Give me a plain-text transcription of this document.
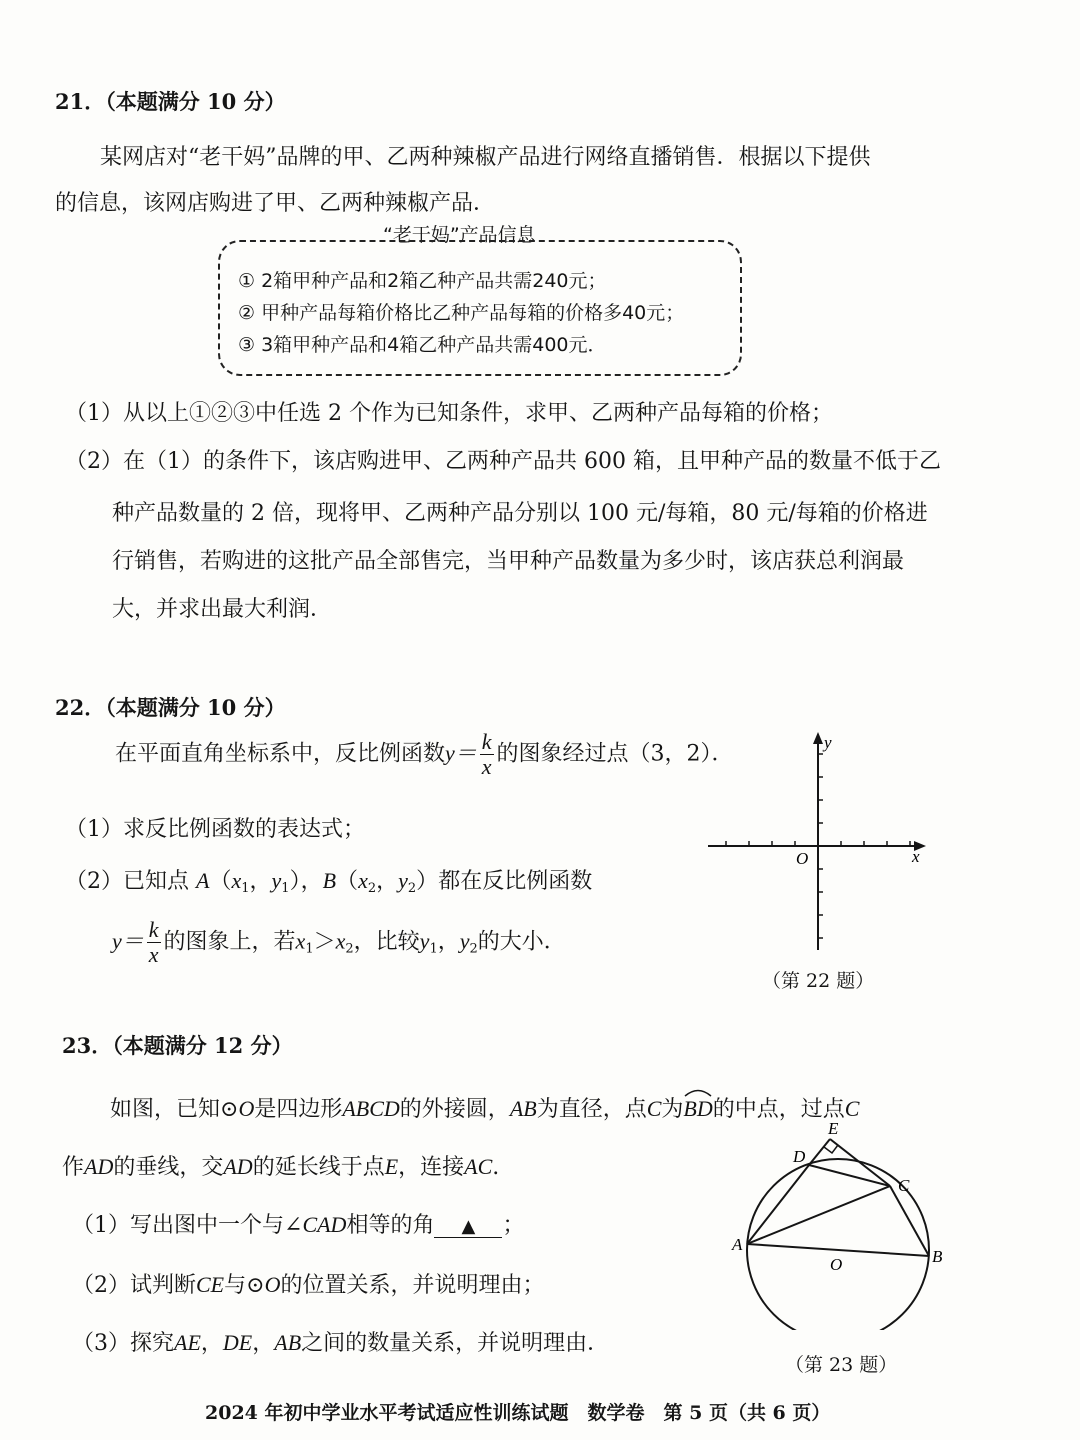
21．（本题满分 10 分）
某网店对“老干妈”品牌的甲、乙两种辣椒产品进行网络直播销售．根据以下提供
的信息，该网店购进了甲、乙两种辣椒产品．
“老干妈”产品信息
① 2箱甲种产品和2箱乙种产品共需240元；
② 甲种产品每箱价格比乙种产品每箱的价格多40元；
③ 3箱甲种产品和4箱乙种产品共需400元．
（1）从以上①②③中任选 2 个作为已知条件，求甲、乙两种产品每箱的价格；
（2）在（1）的条件下，该店购进甲、乙两种产品共 600 箱，且甲种产品的数量不低于乙
种产品数量的 2 倍，现将甲、乙两种产品分别以 100 元/每箱，80 元/每箱的价格进
行销售，若购进的这批产品全部售完，当甲种产品数量为多少时，该店获总利润最
大，并求出最大利润．
22．（本题满分 10 分）
在平面直角坐标系中，反比例函数$y= \frac{k}{x}$ 的图象经过点（3，2）．
（1）求反比例函数的表达式；
（2）已知点 $A(x_1$，$y_1$），$B(x_2$，$y_2$）都在反比例函数
$y= \frac{k}{x}$ 的图象上，若$x_1>x_2$，比较$y_1$，$y_2$的大小．
y
x
O
（第 22 题）
23．（本题满分 12 分）
如图，已知⊙O是四边形ABCD的外接圆，AB为直径，点C为
BD的中点，过点C
作AD的垂线，交AD的延长线于点E，连接AC.
（1）写出图中一个与∠CAD相等的角 ▲ ；
（2）试判断CE与⊙O的位置关系，并说明理由；
（3）探究AE，DE，AB之间的数量关系，并说明理由．
E
D
C
A
B
O
（第 23 题）
2024 年初中学业水平考试适应性训练试题　数学卷　第 5 页（共 6 页）
